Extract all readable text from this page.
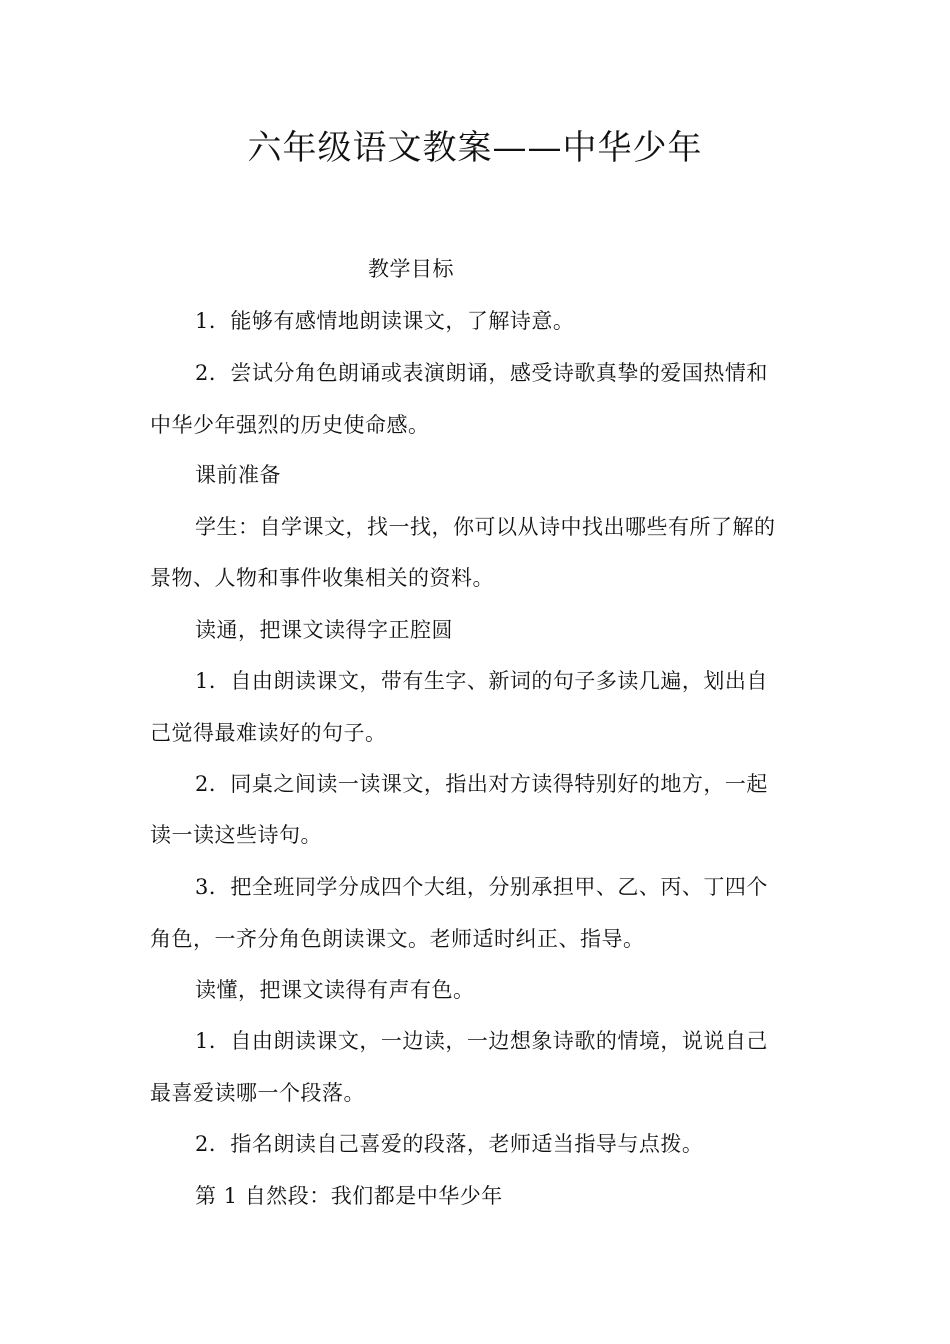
六年级语文教案——中华少年
教学目标
1．能够有感情地朗读课文，了解诗意。
2．尝试分角色朗诵或表演朗诵，感受诗歌真挚的爱国热情和
中华少年强烈的历史使命感。
课前准备
学生：自学课文，找一找，你可以从诗中找出哪些有所了解的
景物、人物和事件收集相关的资料。
读通，把课文读得字正腔圆
1．自由朗读课文，带有生字、新词的句子多读几遍，划出自
己觉得最难读好的句子。
2．同桌之间读一读课文，指出对方读得特别好的地方，一起
读一读这些诗句。
3．把全班同学分成四个大组，分别承担甲、乙、丙、丁四个
角色，一齐分角色朗读课文。老师适时纠正、指导。
读懂，把课文读得有声有色。
1．自由朗读课文，一边读，一边想象诗歌的情境，说说自己
最喜爱读哪一个段落。
2．指名朗读自己喜爱的段落，老师适当指导与点拨。
第 1 自然段：我们都是中华少年
